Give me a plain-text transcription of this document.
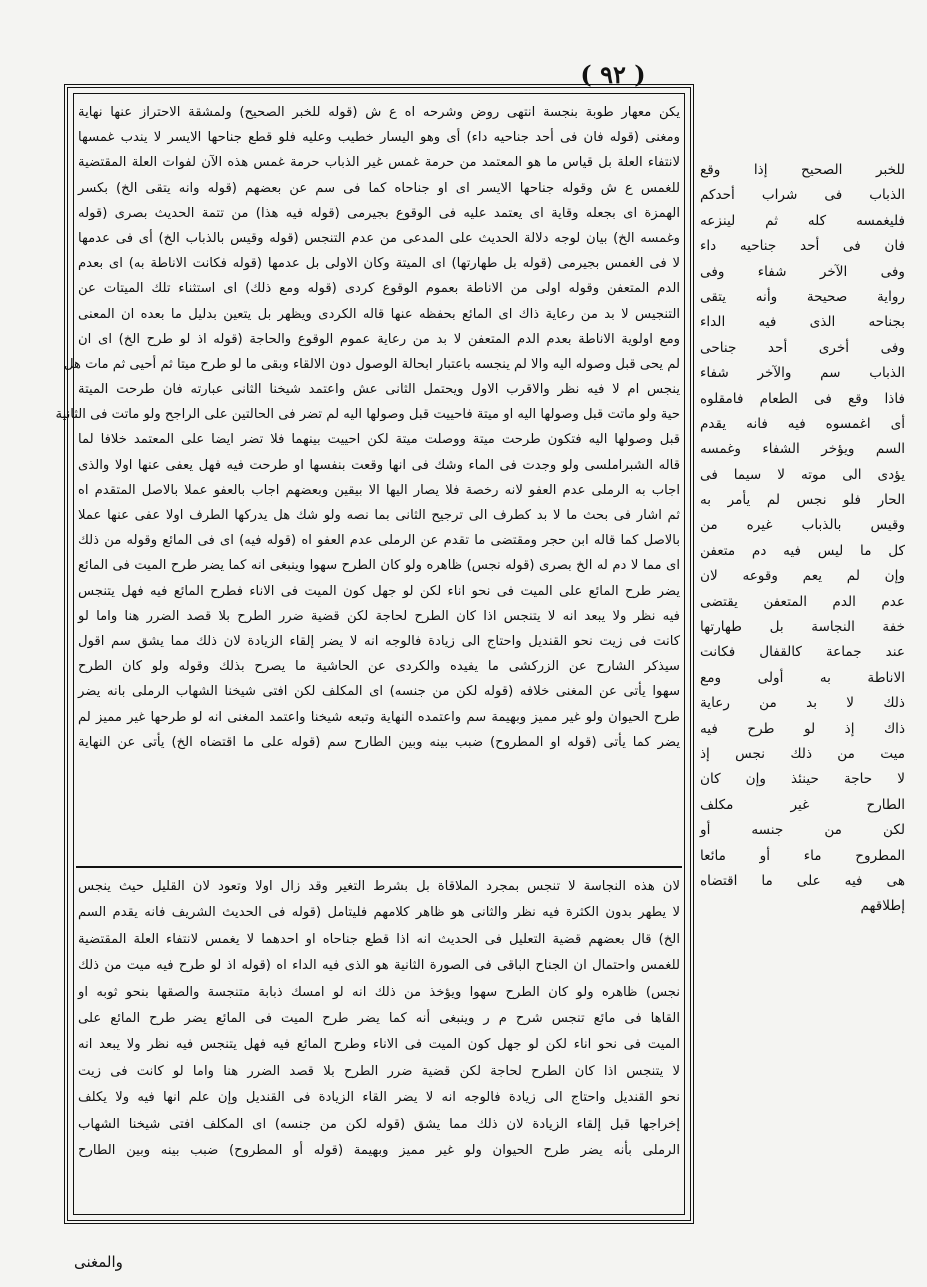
( ٩٢ )
يكن معهار طوبة بنجسة انتهى روض وشرحه اه ع ش (قوله للخبر الصحيح) ولمشقة الاحتراز عنها نهاية
ومغنى (قوله فان فى أحد جناحيه داء) أى وهو اليسار خطيب وعليه فلو قطع جناحها الايسر لا يندب غمسها
لانتفاء العلة بل قياس ما هو المعتمد من حرمة غمس غير الذباب حرمة غمس هذه الآن لفوات العلة المقتضية
للغمس ع ش وقوله جناحها الايسر اى او جناحاه كما فى سم عن بعضهم (قوله وانه يتقى الخ) بكسر
الهمزة اى بجعله وقاية اى يعتمد عليه فى الوقوع بجيرمى (قوله فيه هذا) من تتمة الحديث بصرى (قوله
وغمسه الخ) بيان لوجه دلالة الحديث على المدعى من عدم التنجس (قوله وقيس بالذباب الخ) أى فى عدمها
لا فى الغمس بجيرمى (قوله بل طهارتها) اى الميتة وكان الاولى بل عدمها (قوله فكانت الاناطة به) اى بعدم
الدم المتعفن وقوله اولى من الاناطة بعموم الوقوع كردى (قوله ومع ذلك) اى استثناء تلك الميتات عن
التنجيس لا بد من رعاية ذاك اى المائع بحفظه عنها قاله الكردى ويظهر بل يتعين بدليل ما بعده ان المعنى
ومع اولوية الاناطة بعدم الدم المتعفن لا بد من رعاية عموم الوقوع والحاجة (قوله اذ لو طرح الخ) اى ان
لم يحى قبل وصوله اليه والا لم ينجسه باعتبار ابحالة الوصول دون الالقاء وبقى ما لو طرح ميتا ثم أحيى ثم مات هل
ينجس ام لا فيه نظر والاقرب الاول ويحتمل الثانى عش واعتمد شيخنا الثانى عبارته فان طرحت الميتة
حية ولو ماتت قبل وصولها اليه او ميتة فاحييت قبل وصولها اليه لم تضر فى الحالتين على الراجح ولو ماتت فى الثانية
قبل وصولها اليه فتكون طرحت ميتة ووصلت ميتة لكن احييت بينهما فلا تضر ايضا على المعتمد خلافا لما
قاله الشبراملسى ولو وجدت فى الماء وشك فى انها وقعت بنفسها او طرحت فيه فهل يعفى عنها اولا والذى
اجاب به الرملى عدم العفو لانه رخصة فلا يصار اليها الا بيقين وبعضهم اجاب بالعفو عملا بالاصل المتقدم اه
ثم اشار فى بحث ما لا بد كطرف الى ترجيح الثانى بما نصه ولو شك هل يدركها الطرف اولا عفى عنها عملا
بالاصل كما قاله ابن حجر ومقتضى ما تقدم عن الرملى عدم العفو اه (قوله فيه) اى فى المائع وقوله من ذلك
اى مما لا دم له الخ بصرى (قوله نجس) ظاهره ولو كان الطرح سهوا وينبغى انه كما يضر طرح الميت فى المائع
يضر طرح المائع على الميت فى نحو اناء لكن لو جهل كون الميت فى الاناء فطرح المائع فيه فهل يتنجس
فيه نظر ولا يبعد انه لا يتنجس اذا كان الطرح لحاجة لكن قضية ضرر الطرح بلا قصد الضرر هنا واما لو
كانت فى زيت نحو القنديل واحتاج الى زيادة فالوجه انه لا يضر إلقاء الزيادة لان ذلك مما يشق سم اقول
سيذكر الشارح عن الزركشى ما يفيده والكردى عن الحاشية ما يصرح بذلك وقوله ولو كان الطرح
سهوا يأتى عن المغنى خلافه (قوله لكن من جنسه) اى المكلف لكن افتى شيخنا الشهاب الرملى بانه يضر
طرح الحيوان ولو غير مميز وبهيمة سم واعتمده النهاية وتبعه شيخنا واعتمد المغنى انه لو طرحها غير مميز لم
يضر كما يأتى (قوله او المطروح) ضبب بينه وبين الطارح سم (قوله على ما اقتضاه الخ) يأتى عن النهاية
لان هذه النجاسة لا تنجس بمجرد الملاقاة بل بشرط التغير وقد زال اولا وتعود لان القليل حيث ينجس
لا يطهر بدون الكثرة فيه نظر والثانى هو ظاهر كلامهم فليتامل (قوله فى الحديث الشريف فانه يقدم السم
الخ) قال بعضهم قضية التعليل فى الحديث انه اذا قطع جناحاه او احدهما لا يغمس لانتفاء العلة المقتضية
للغمس واحتمال ان الجناح الباقى فى الصورة الثانية هو الذى فيه الداء اه (قوله اذ لو طرح فيه ميت من ذلك
نجس) ظاهره ولو كان الطرح سهوا ويؤخذ من ذلك انه لو امسك ذبابة متنجسة والصقها بنحو ثوبه او
القاها فى مائع تنجس شرح م ر وينبغى أنه كما يضر طرح الميت فى المائع يضر طرح المائع على
الميت فى نحو اناء لكن لو جهل كون الميت فى الاناء وطرح المائع فيه فهل يتنجس فيه نظر ولا يبعد انه
لا يتنجس اذا كان الطرح لحاجة لكن قضية ضرر الطرح بلا قصد الضرر هنا واما لو كانت فى زيت
نحو القنديل واحتاج الى زيادة فالوجه انه لا يضر القاء الزيادة فى القنديل وإن علم انها فيه ولا يكلف
إخراجها قبل إلقاء الزيادة لان ذلك مما يشق (قوله لكن من جنسه) اى المكلف افتى شيخنا الشهاب
الرملى بأنه يضر طرح الحيوان ولو غير مميز وبهيمة (قوله أو المطروح) ضبب بينه وبين الطارح
للخبر الصحيح إذا وقع
الذباب فى شراب أحدكم
فليغمسه كله ثم لينزعه
فان فى أحد جناحيه داء
وفى الآخر شفاء وفى
رواية صحيحة وأنه يتقى
بجناحه الذى فيه الداء
وفى أخرى أحد جناحى
الذباب سم والآخر شفاء
فاذا وقع فى الطعام فامقلوه
أى اغمسوه فيه فانه يقدم
السم ويؤخر الشفاء وغمسه
يؤدى الى موته لا سيما فى
الحار فلو نجس لم يأمر به
وقيس بالذباب غيره من
كل ما ليس فيه دم متعفن
وإن لم يعم وقوعه لان
عدم الدم المتعفن يقتضى
خفة النجاسة بل طهارتها
عند جماعة كالقفال فكانت
الاناطة به أولى ومع
ذلك لا بد من رعاية
ذاك إذ لو طرح فيه
ميت من ذلك نجس إذ
لا حاجة حينئذ وإن كان
الطارح غير مكلف
لكن من جنسه أو
المطروح ماء أو مائعا
هى فيه على ما اقتضاه
إطلاقهم
والمغنى
